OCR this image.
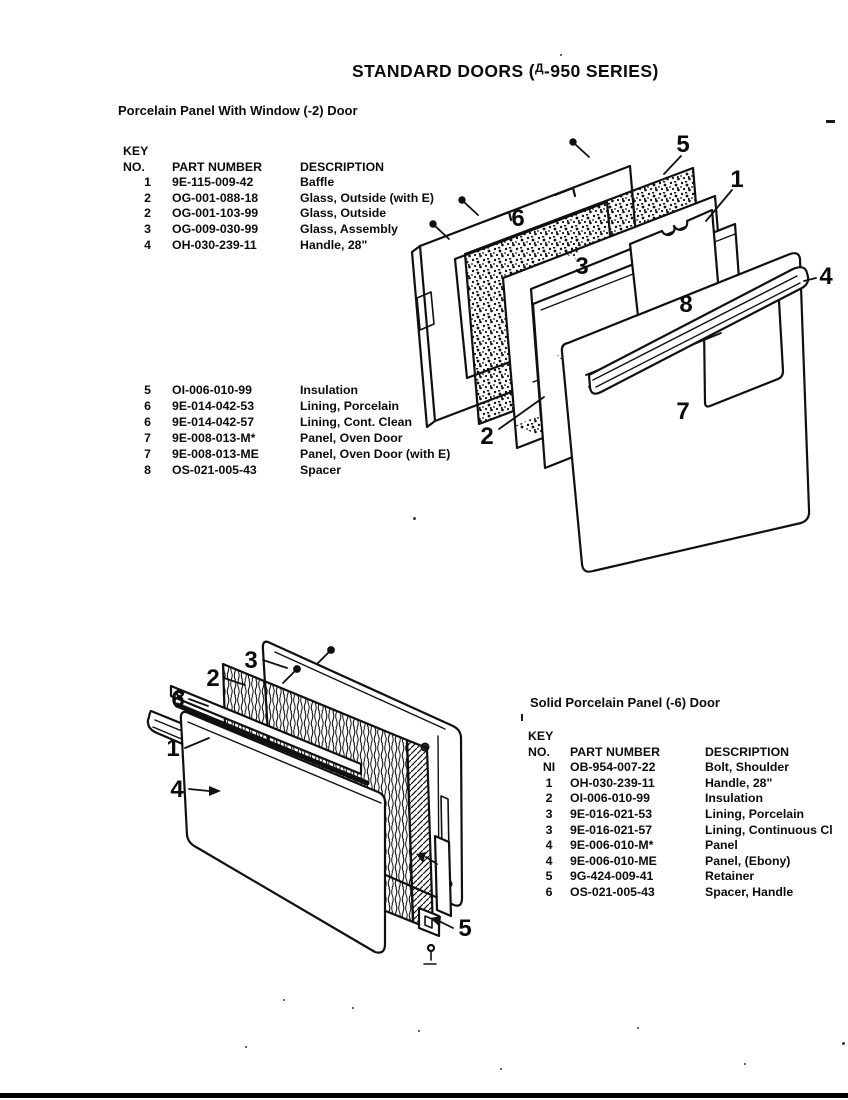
STANDARD DOORS ($^Д$-950 SERIES)
Porcelain Panel With Window (-2) Door
KEY
NO.	PART NUMBER	DESCRIPTION
1	9E-115-009-42	Baffle
2	OG-001-088-18	Glass, Outside (with E)
2	OG-001-103-99	Glass, Outside
3	OG-009-030-99	Glass, Assembly
4	OH-030-239-11	Handle, 28"
5	OI-006-010-99	Insulation
6	9E-014-042-53	Lining, Porcelain
6	9E-014-042-57	Lining, Cont. Clean
7	9E-008-013-M*	Panel, Oven Door
7	9E-008-013-ME	Panel, Oven Door (with E)
8	OS-021-005-43	Spacer
5
1
6
4
8
3
2
7
Solid Porcelain Panel (-6) Door
KEY
NO.	PART NUMBER	DESCRIPTION
NI	OB-954-007-22	Bolt, Shoulder
1	OH-030-239-11	Handle, 28"
2	OI-006-010-99	Insulation
3	9E-016-021-53	Lining, Porcelain
3	9E-016-021-57	Lining, Continuous Cl
4	9E-006-010-M*	Panel
4	9E-006-010-ME	Panel, (Ebony)
5	9G-424-009-41	Retainer
6	OS-021-005-43	Spacer, Handle
3
2
6
1
4
5
